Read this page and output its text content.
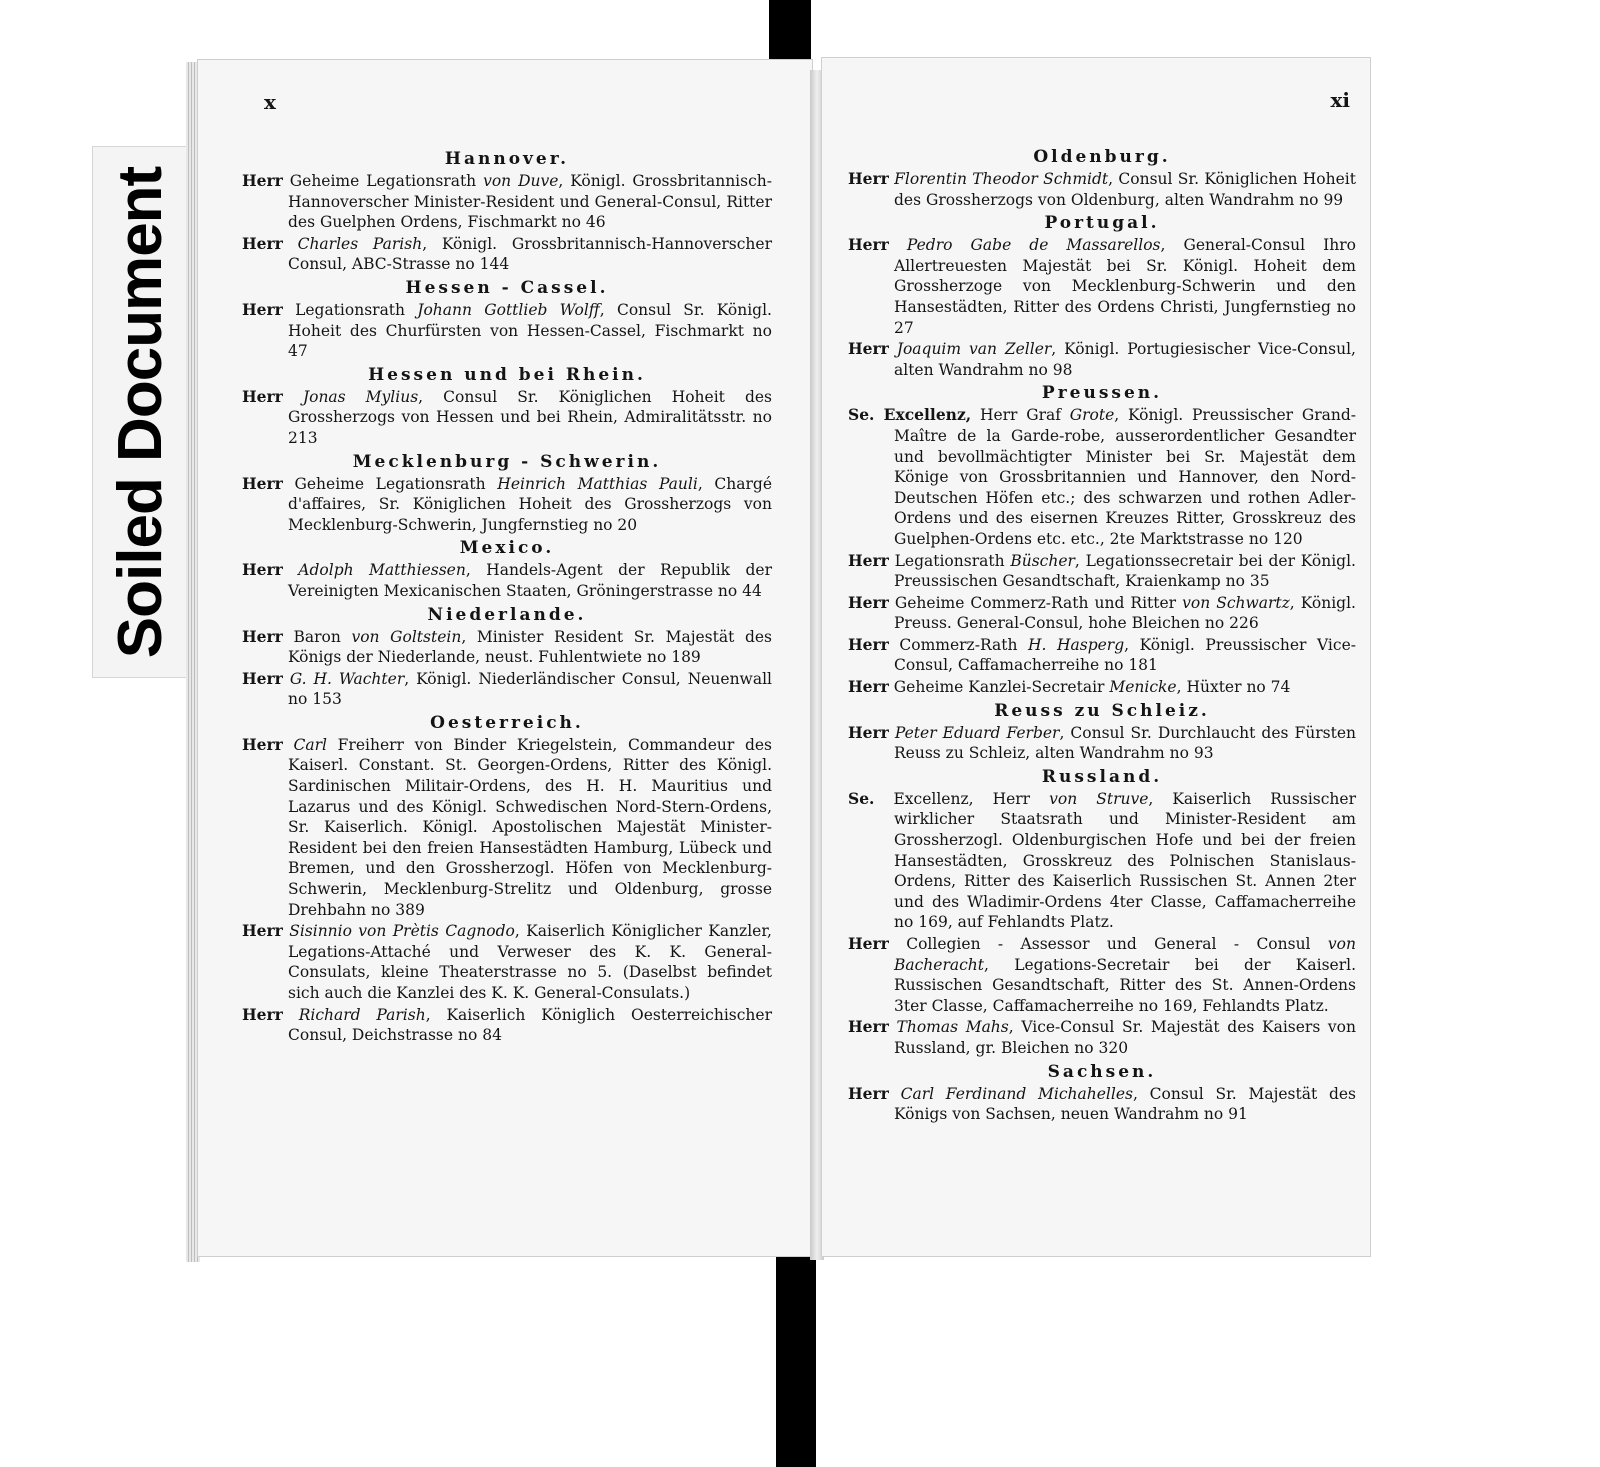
Soiled Document
x
Hannover.
Herr Geheime Legationsrath von Duve, Königl. Grossbritannisch-Hannoverscher Minister-Resident und General-Consul, Ritter des Guelphen Ordens, Fischmarkt no 46
Herr Charles Parish, Königl. Grossbritannisch-Hannoverscher Consul, ABC-Strasse no 144
Hessen - Cassel.
Herr Legationsrath Johann Gottlieb Wolff, Consul Sr. Königl. Hoheit des Churfürsten von Hessen-Cassel, Fischmarkt no 47
Hessen und bei Rhein.
Herr Jonas Mylius, Consul Sr. Königlichen Hoheit des Grossherzogs von Hessen und bei Rhein, Admiralitätsstr. no 213
Mecklenburg - Schwerin.
Herr Geheime Legationsrath Heinrich Matthias Pauli, Chargé d'affaires, Sr. Königlichen Hoheit des Grossherzogs von Mecklenburg-Schwerin, Jungfernstieg no 20
Mexico.
Herr Adolph Matthiessen, Handels-Agent der Republik der Vereinigten Mexicanischen Staaten, Gröningerstrasse no 44
Niederlande.
Herr Baron von Goltstein, Minister Resident Sr. Majestät des Königs der Niederlande, neust. Fuhlentwiete no 189
Herr G. H. Wachter, Königl. Niederländischer Consul, Neuenwall no 153
Oesterreich.
Herr Carl Freiherr von Binder Kriegelstein, Commandeur des Kaiserl. Constant. St. Georgen-Ordens, Ritter des Königl. Sardinischen Militair-Ordens, des H. H. Mauritius und Lazarus und des Königl. Schwedischen Nord-Stern-Ordens, Sr. Kaiserlich. Königl. Apostolischen Majestät Minister-Resident bei den freien Hansestädten Hamburg, Lübeck und Bremen, und den Grossherzogl. Höfen von Mecklenburg-Schwerin, Mecklenburg-Strelitz und Oldenburg, grosse Drehbahn no 389
Herr Sisinnio von Prètis Cagnodo, Kaiserlich Königlicher Kanzler, Legations-Attaché und Verweser des K. K. General-Consulats, kleine Theaterstrasse no 5. (Daselbst befindet sich auch die Kanzlei des K. K. General-Consulats.)
Herr Richard Parish, Kaiserlich Königlich Oesterreichischer Consul, Deichstrasse no 84
xi
Oldenburg.
Herr Florentin Theodor Schmidt, Consul Sr. Königlichen Hoheit des Grossherzogs von Oldenburg, alten Wandrahm no 99
Portugal.
Herr Pedro Gabe de Massarellos, General-Consul Ihro Allertreuesten Majestät bei Sr. Königl. Hoheit dem Grossherzoge von Mecklenburg-Schwerin und den Hansestädten, Ritter des Ordens Christi, Jungfernstieg no 27
Herr Joaquim van Zeller, Königl. Portugiesischer Vice-Consul, alten Wandrahm no 98
Preussen.
Se. Excellenz, Herr Graf Grote, Königl. Preussischer Grand-Maître de la Garde-robe, ausserordentlicher Gesandter und bevollmächtigter Minister bei Sr. Majestät dem Könige von Grossbritannien und Hannover, den Nord-Deutschen Höfen etc.; des schwarzen und rothen Adler-Ordens und des eisernen Kreuzes Ritter, Grosskreuz des Guelphen-Ordens etc. etc., 2te Marktstrasse no 120
Herr Legationsrath Büscher, Legationssecretair bei der Königl. Preussischen Gesandtschaft, Kraienkamp no 35
Herr Geheime Commerz-Rath und Ritter von Schwartz, Königl. Preuss. General-Consul, hohe Bleichen no 226
Herr Commerz-Rath H. Hasperg, Königl. Preussischer Vice-Consul, Caffamacherreihe no 181
Herr Geheime Kanzlei-Secretair Menicke, Hüxter no 74
Reuss zu Schleiz.
Herr Peter Eduard Ferber, Consul Sr. Durchlaucht des Fürsten Reuss zu Schleiz, alten Wandrahm no 93
Russland.
Se. Excellenz, Herr von Struve, Kaiserlich Russischer wirklicher Staatsrath und Minister-Resident am Grossherzogl. Oldenburgischen Hofe und bei der freien Hansestädten, Grosskreuz des Polnischen Stanislaus-Ordens, Ritter des Kaiserlich Russischen St. Annen 2ter und des Wladimir-Ordens 4ter Classe, Caffamacherreihe no 169, auf Fehlandts Platz.
Herr Collegien - Assessor und General - Consul von Bacheracht, Legations-Secretair bei der Kaiserl. Russischen Gesandtschaft, Ritter des St. Annen-Ordens 3ter Classe, Caffamacherreihe no 169, Fehlandts Platz.
Herr Thomas Mahs, Vice-Consul Sr. Majestät des Kaisers von Russland, gr. Bleichen no 320
Sachsen.
Herr Carl Ferdinand Michahelles, Consul Sr. Majestät des Königs von Sachsen, neuen Wandrahm no 91
